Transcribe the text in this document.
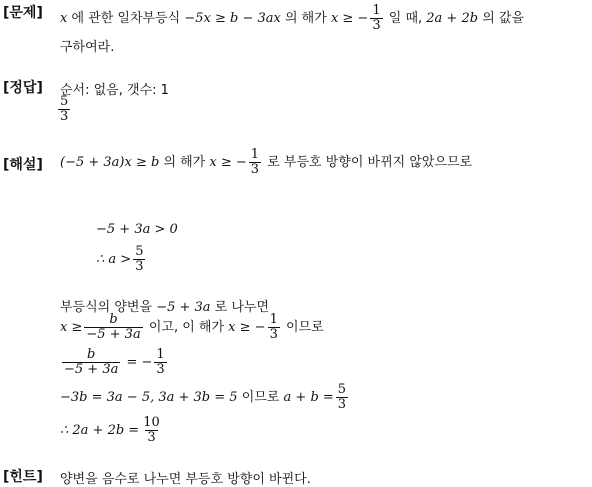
[문제] x 에 관한 일차부등식 −5x ≥ b − 3ax 의 해가 x ≥ − $\frac{1}{3}$ 일 때, 2a + 2b 의 값을
구하여라.
[정답] 순서: 없음, 갯수: 1
$\frac{5}{3}$
[해설] (−5 + 3a)x ≥ b 의 해가 x ≥ − $\frac{1}{3}$ 로 부등호 방향이 바뀌지 않았으므로
−5 + 3a > 0
∴ $a > \frac{5}{3}$
부등식의 양변을 −5 + 3a 로 나누면
$x \ge \frac{b}{-5 + 3a}$ 이고, 이 해가 x ≥ − $\frac{1}{3}$ 이므로
$\frac{b}{-5 + 3a}$ = − $\frac{1}{3}$
−3b = 3a − 5, 3a + 3b = 5 이므로 $a + b = \frac{5}{3}$
∴ $2a + 2b = \frac{10}{3}$
[힌트] 양변을 음수로 나누면 부등호 방향이 바뀐다.
